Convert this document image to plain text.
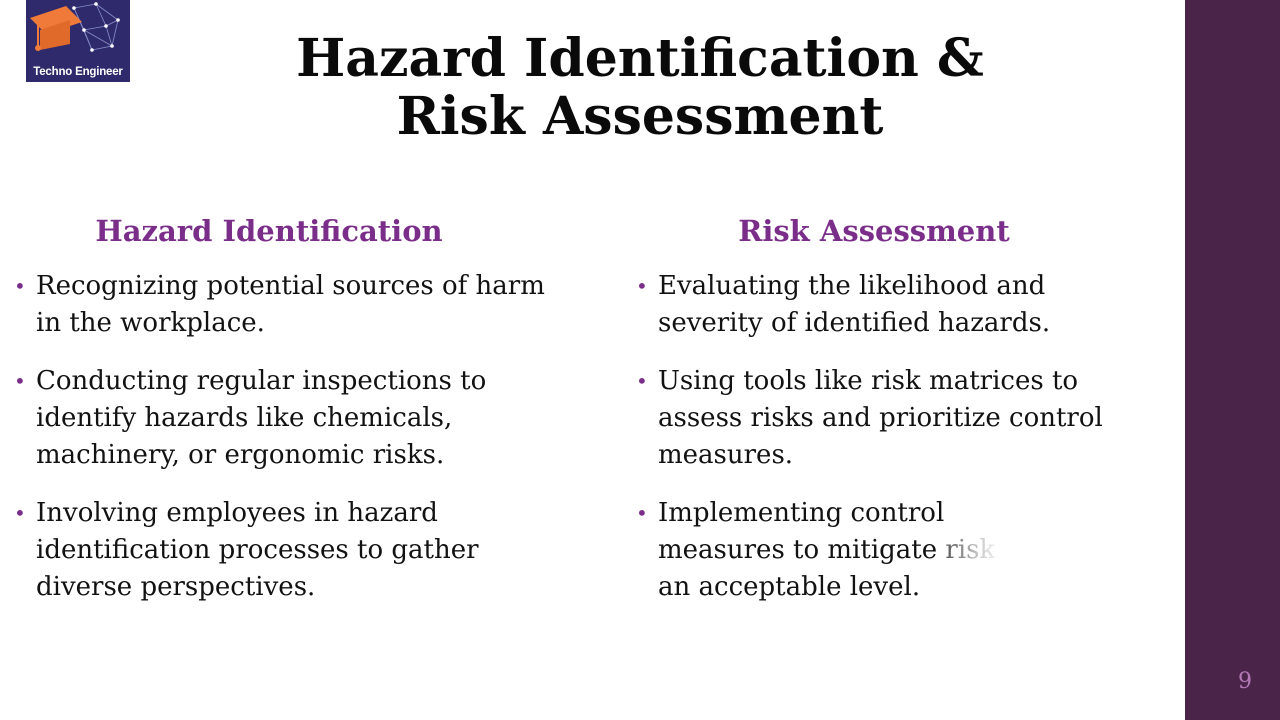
Techno Engineer	Hazard Identification &
Risk Assessment
Hazard Identification
• Recognizing potential sources of harm in the workplace.
• Conducting regular inspections to identify hazards like chemicals, machinery, or ergonomic risks.
• Involving employees in hazard identification processes to gather diverse perspectives.
Risk Assessment
• Evaluating the likelihood and severity of identified hazards.
• Using tools like risk matrices to assess risks and prioritize control measures.
• Implementing control
measures to mitigate risk
an acceptable level.
9
